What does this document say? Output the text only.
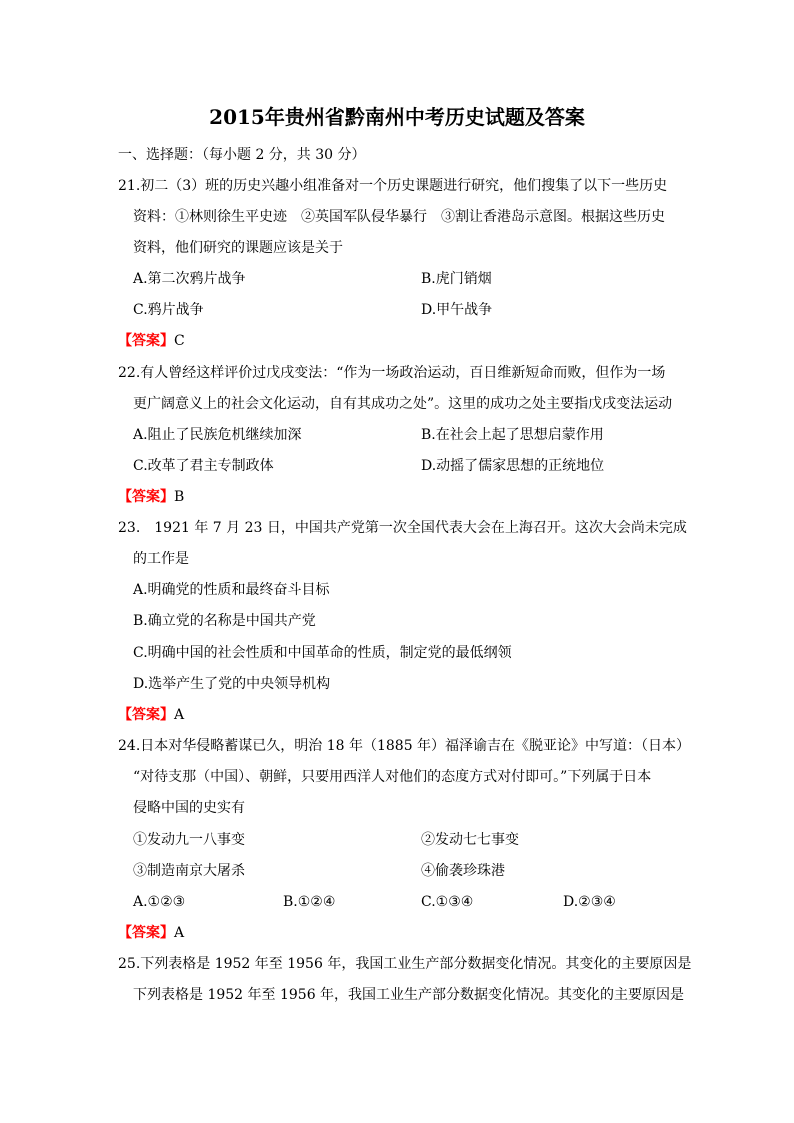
2015年贵州省黔南州中考历史试题及答案
一、选择题：（每小题 2 分，共 30 分）
21.初二（3）班的历史兴趣小组准备对一个历史课题进行研究，他们搜集了以下一些历史
资料：①林则徐生平史迹　②英国军队侵华暴行　③割让香港岛示意图。根据这些历史
资料，他们研究的课题应该是关于
A.第二次鸦片战争	B.虎门销烟
C.鸦片战争	D.甲午战争
【答案】C
22.有人曾经这样评价过戊戌变法：“作为一场政治运动，百日维新短命而败，但作为一场
更广阔意义上的社会文化运动，自有其成功之处”。这里的成功之处主要指戊戌变法运动
A.阻止了民族危机继续加深	B.在社会上起了思想启蒙作用
C.改革了君主专制政体	D.动摇了儒家思想的正统地位
【答案】B
23.　1921 年 7 月 23 日，中国共产党第一次全国代表大会在上海召开。这次大会尚未完成
的工作是
A.明确党的性质和最终奋斗目标
B.确立党的名称是中国共产党
C.明确中国的社会性质和中国革命的性质，制定党的最低纲领
D.选举产生了党的中央领导机构
【答案】A
24.日本对华侵略蓄谋已久，明治 18 年（1885 年）福泽谕吉在《脱亚论》中写道：（日本）
“对待支那（中国）、朝鲜，只要用西洋人对他们的态度方式对付即可。”下列属于日本
侵略中国的史实有
①发动九一八事变	②发动七七事变
③制造南京大屠杀	④偷袭珍珠港
A.①②③	B.①②④	C.①③④	D.②③④
【答案】A
25.下列表格是 1952 年至 1956 年，我国工业生产部分数据变化情况。其变化的主要原因是
下列表格是 1952 年至 1956 年，我国工业生产部分数据变化情况。其变化的主要原因是
